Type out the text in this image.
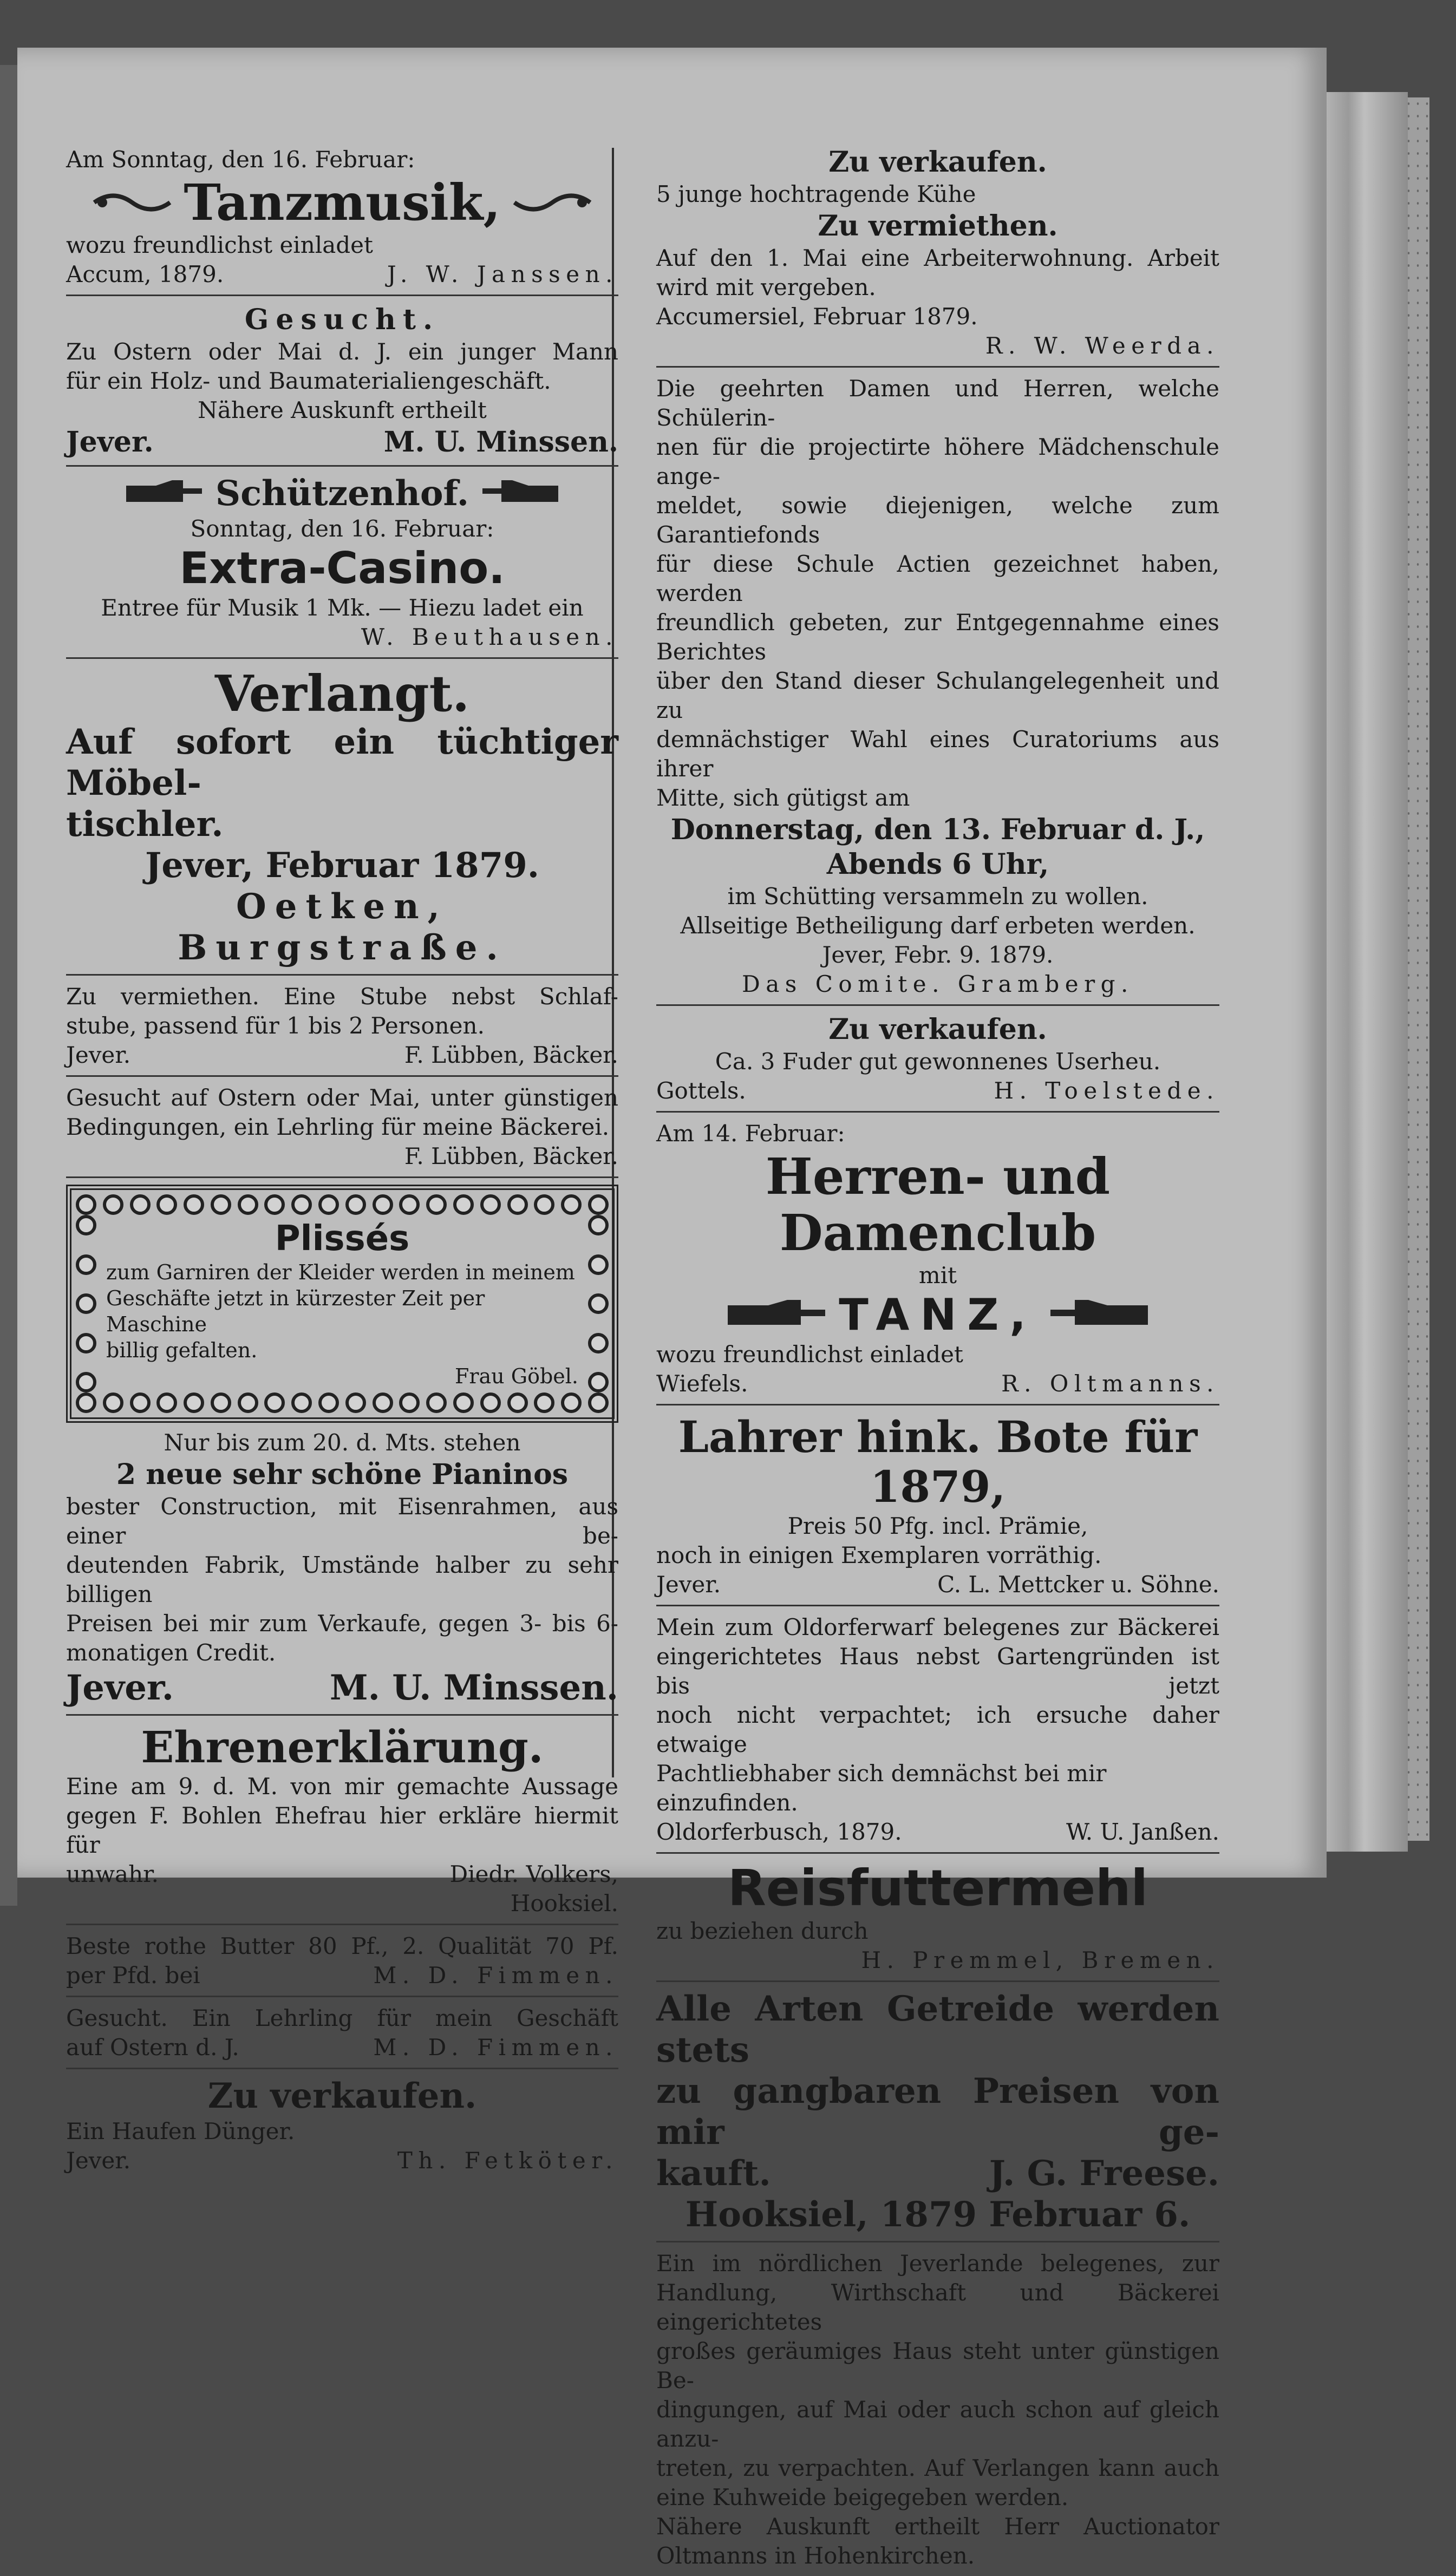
Am Sonntag, den 16. Februar:
Tanzmusik,
wozu freundlichst einladet
Accum, 1879.	J. W. Janssen.
Gesucht.
Zu Ostern oder Mai d. J. ein junger Mann
für ein Holz- und Baumaterialiengeschäft.
Nähere Auskunft ertheilt
Jever.	M. U. Minssen.
Schützenhof.
Sonntag, den 16. Februar:
Extra-Casino.
Entree für Musik 1 Mk. — Hiezu ladet ein
W. Beuthausen.
Verlangt.
Auf sofort ein tüchtiger Möbel-
tischler.
Jever, Februar 1879.
Oetken, Burgstraße.
Zu vermiethen. Eine Stube nebst Schlaf-
stube, passend für 1 bis 2 Personen.
Jever.	F. Lübben, Bäcker.
Gesucht auf Ostern oder Mai, unter günstigen
Bedingungen, ein Lehrling für meine Bäckerei.
F. Lübben, Bäcker.
Plissés
zum Garniren der Kleider werden in meinem
Geschäfte jetzt in kürzester Zeit per Maschine
billig gefalten.
Frau Göbel.
Nur bis zum 20. d. Mts. stehen
2 neue sehr schöne Pianinos
bester Construction, mit Eisenrahmen, aus einer be-
deutenden Fabrik, Umstände halber zu sehr billigen
Preisen bei mir zum Verkaufe, gegen 3- bis 6-
monatigen Credit.
Jever.	M. U. Minssen.
Ehrenerklärung.
Eine am 9. d. M. von mir gemachte Aussage
gegen F. Bohlen Ehefrau hier erkläre hiermit für
unwahr.	Diedr. Volkers,
Hooksiel.
Beste rothe Butter 80 Pf., 2. Qualität 70 Pf.
per Pfd. bei	M. D. Fimmen.
Gesucht. Ein Lehrling für mein Geschäft
auf Ostern d. J.	M. D. Fimmen.
Zu verkaufen.
Ein Haufen Dünger.
Jever.	Th. Fetköter.
Zu verkaufen.
5 junge hochtragende Kühe
Zu vermiethen.
Auf den 1. Mai eine Arbeiterwohnung. Arbeit
wird mit vergeben.
Accumersiel, Februar 1879.
R. W. Weerda.
Die geehrten Damen und Herren, welche Schülerin-
nen für die projectirte höhere Mädchenschule ange-
meldet, sowie diejenigen, welche zum Garantiefonds
für diese Schule Actien gezeichnet haben, werden
freundlich gebeten, zur Entgegennahme eines Berichtes
über den Stand dieser Schulangelegenheit und zu
demnächstiger Wahl eines Curatoriums aus ihrer
Mitte, sich gütigst am
Donnerstag, den 13. Februar d. J.,
Abends 6 Uhr,
im Schütting versammeln zu wollen.
Allseitige Betheiligung darf erbeten werden.
Jever, Febr. 9. 1879.
Das Comite. Gramberg.
Zu verkaufen.
Ca. 3 Fuder gut gewonnenes Userheu.
Gottels.	H. Toelstede.
Am 14. Februar:
Herren- und Damenclub
mit
TANZ,
wozu freundlichst einladet
Wiefels.	R. Oltmanns.
Lahrer hink. Bote für 1879,
Preis 50 Pfg. incl. Prämie,
noch in einigen Exemplaren vorräthig.
Jever.	C. L. Mettcker u. Söhne.
Mein zum Oldorferwarf belegenes zur Bäckerei
eingerichtetes Haus nebst Gartengründen ist bis jetzt
noch nicht verpachtet; ich ersuche daher etwaige
Pachtliebhaber sich demnächst bei mir einzufinden.
Oldorferbusch, 1879.	W. U. Janßen.
Reisfuttermehl
zu beziehen durch
H. Premmel, Bremen.
Alle Arten Getreide werden stets
zu gangbaren Preisen von mir ge-
kauft.	J. G. Freese.
Hooksiel, 1879 Februar 6.
Ein im nördlichen Jeverlande belegenes, zur
Handlung, Wirthschaft und Bäckerei eingerichtetes
großes geräumiges Haus steht unter günstigen Be-
dingungen, auf Mai oder auch schon auf gleich anzu-
treten, zu verpachten. Auf Verlangen kann auch
eine Kuhweide beigegeben werden.
Nähere Auskunft ertheilt Herr Auctionator
Oltmanns in Hohenkirchen.
